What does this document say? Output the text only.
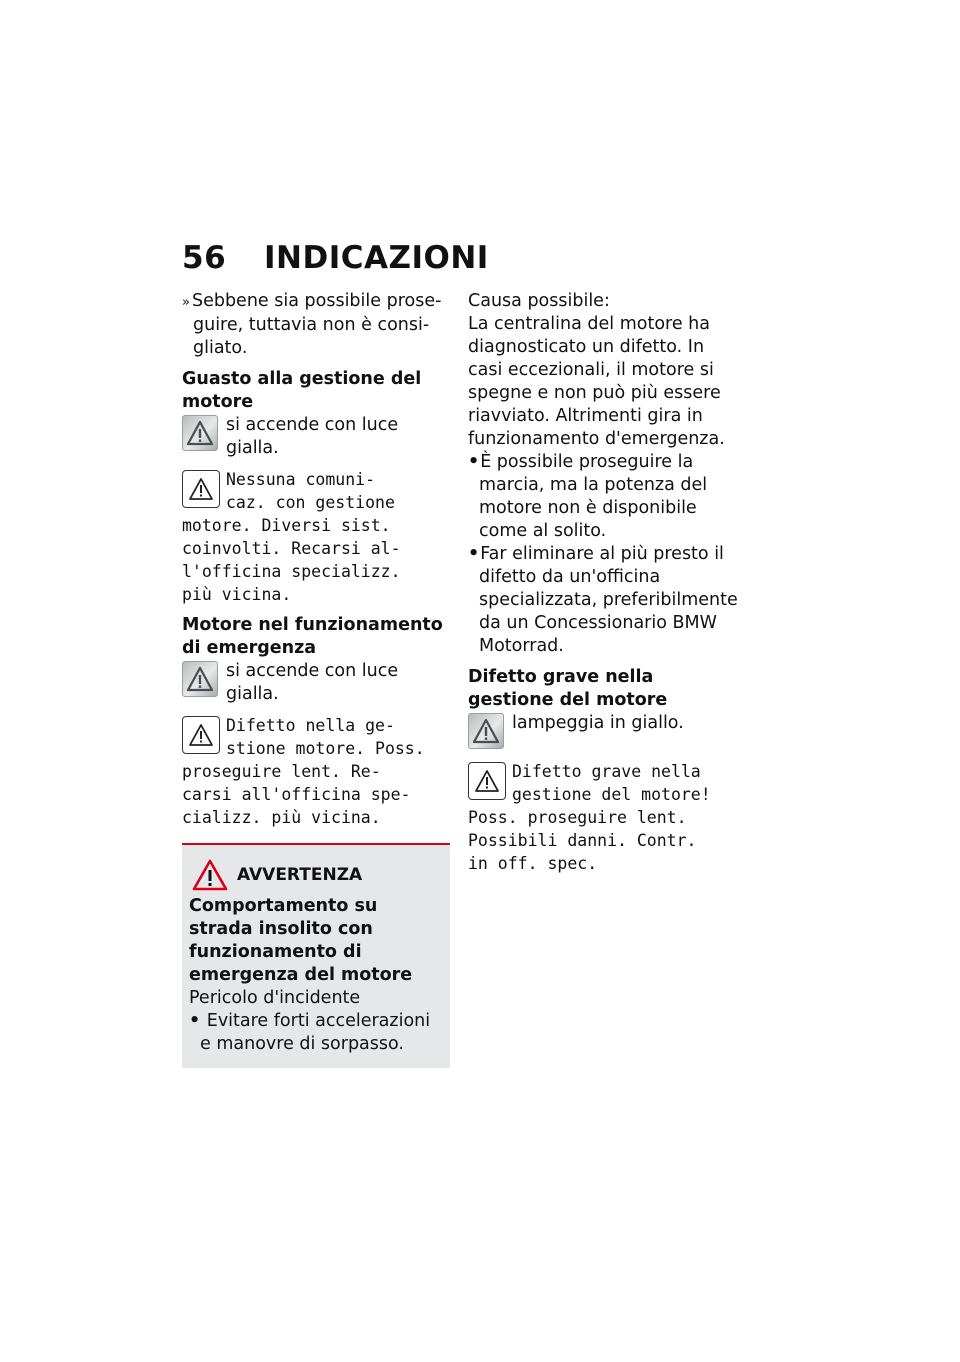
56 INDICAZIONI

» Sebbene sia possibile proseguire, tuttavia non è consigliato.

Guasto alla gestione del motore

si accende con luce gialla.

Nessuna comuni-
caz. con gestione
motore. Diversi sist.
coinvolti. Recarsi al-
l'officina specializz.
più vicina.

Motore nel funzionamento di emergenza

si accende con luce gialla.

Difetto nella ge-
stione motore. Poss.
proseguire lent. Re-
carsi all'officina spe-
cializz. più vicina.

AVVERTENZA

Comportamento su strada insolito con funzionamento di emergenza del motore

Pericolo d'incidente

• Evitare forti accelerazioni e manovre di sorpasso.

Causa possibile:

La centralina del motore ha diagnosticato un difetto. In casi eccezionali, il motore si spegne e non può più essere riavviato. Altrimenti gira in funzionamento d'emergenza.

•È possibile proseguire la marcia, ma la potenza del motore non è disponibile come al solito.

•Far eliminare al più presto il difetto da un'officina specializzata, preferibilmente da un Concessionario BMW Motorrad.

Difetto grave nella gestione del motore

lampeggia in giallo.

Difetto grave nella
gestione del motore!
Poss. proseguire lent.
Possibili danni. Contr.
in off. spec.
